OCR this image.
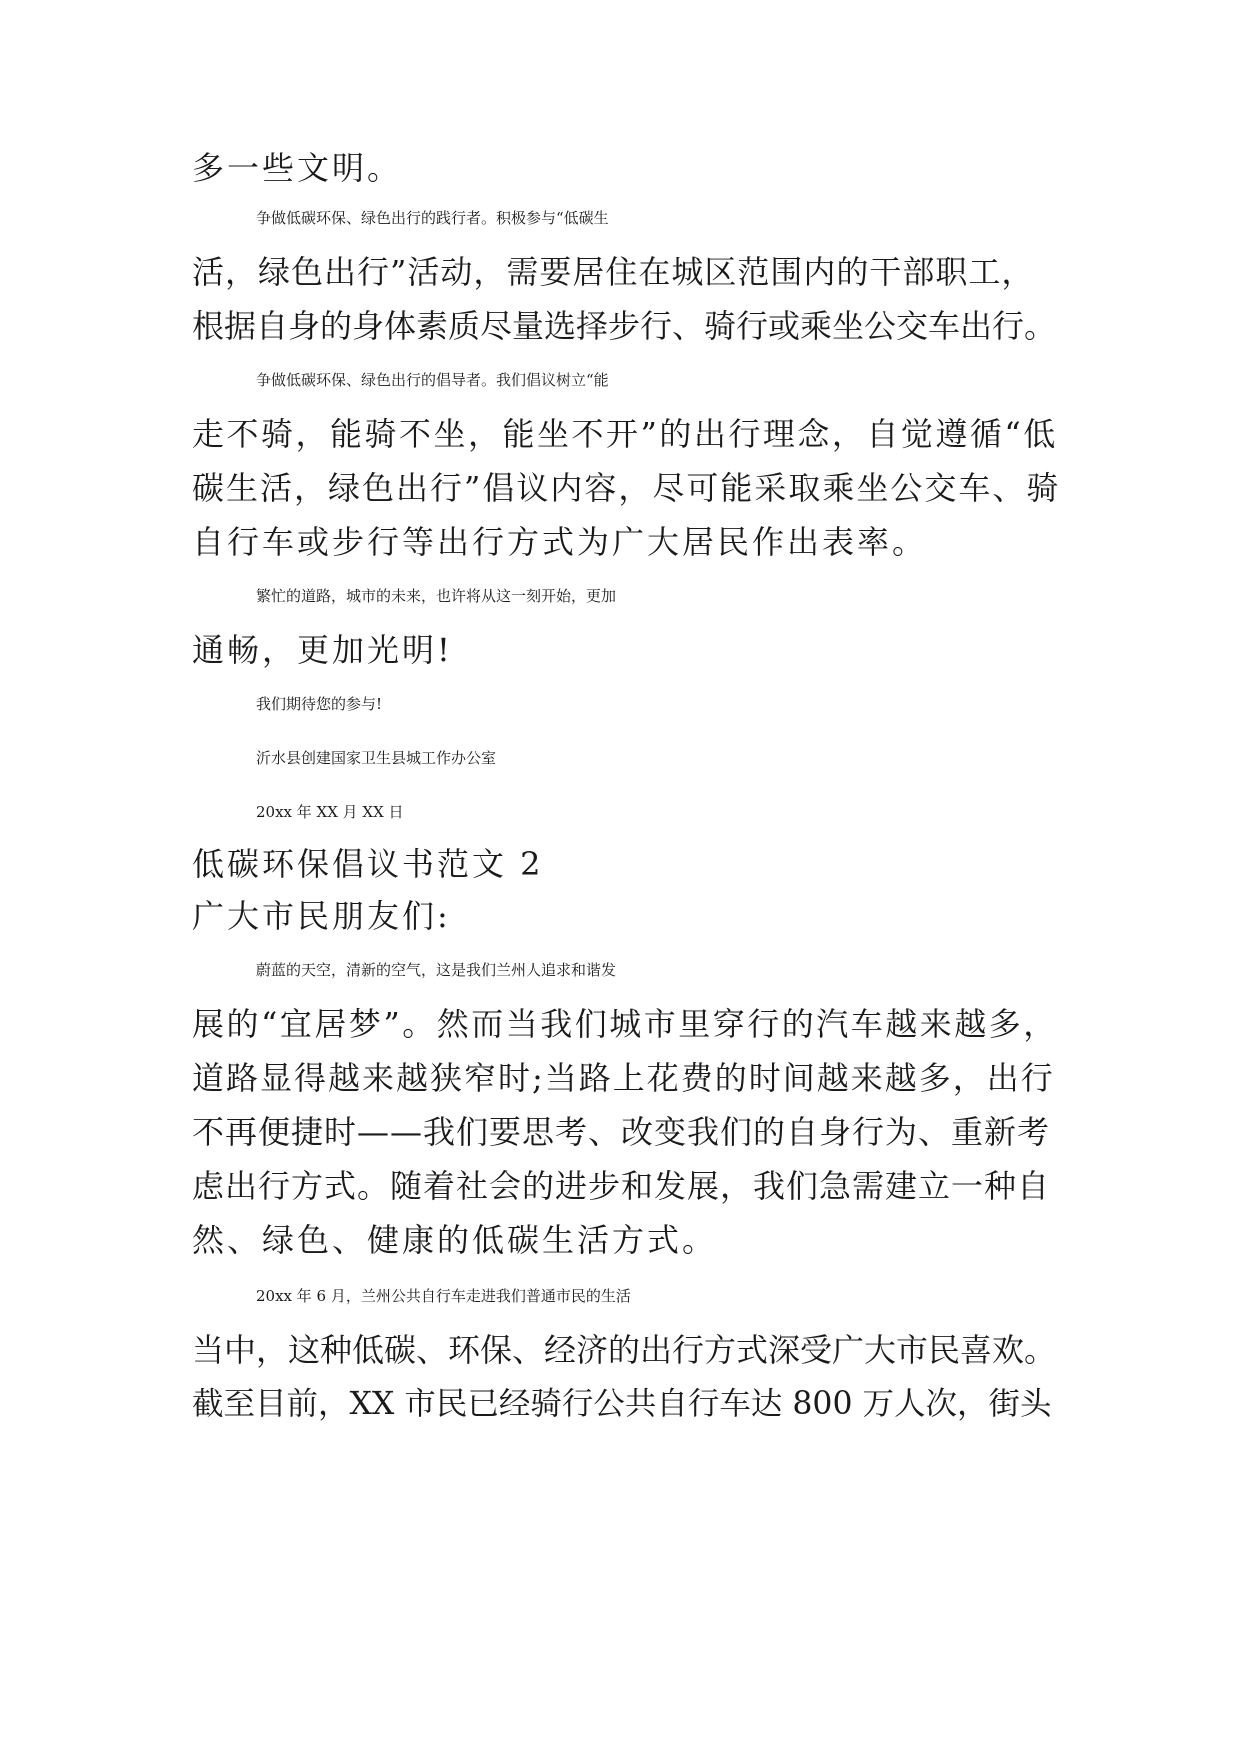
多一些文明。
争做低碳环保、绿色出行的践行者。积极参与“低碳生
活，绿色出行”活动，需要居住在城区范围内的干部职工，
根据自身的身体素质尽量选择步行、骑行或乘坐公交车出行。
争做低碳环保、绿色出行的倡导者。我们倡议树立“能
走不骑，能骑不坐，能坐不开”的出行理念，自觉遵循“低
碳生活，绿色出行”倡议内容，尽可能采取乘坐公交车、骑
自行车或步行等出行方式为广大居民作出表率。
繁忙的道路，城市的未来，也许将从这一刻开始，更加
通畅，更加光明!
我们期待您的参与!
沂水县创建国家卫生县城工作办公室
20xx 年 XX 月 XX 日
低碳环保倡议书范文 2
广大市民朋友们:
蔚蓝的天空，清新的空气，这是我们兰州人追求和谐发
展的“宜居梦”。然而当我们城市里穿行的汽车越来越多，
道路显得越来越狭窄时;当路上花费的时间越来越多，出行
不再便捷时——我们要思考、改变我们的自身行为、重新考
虑出行方式。随着社会的进步和发展，我们急需建立一种自
然、绿色、健康的低碳生活方式。
20xx 年 6 月，兰州公共自行车走进我们普通市民的生活
当中，这种低碳、环保、经济的出行方式深受广大市民喜欢。
截至目前，XX 市民已经骑行公共自行车达 800 万人次，街头
